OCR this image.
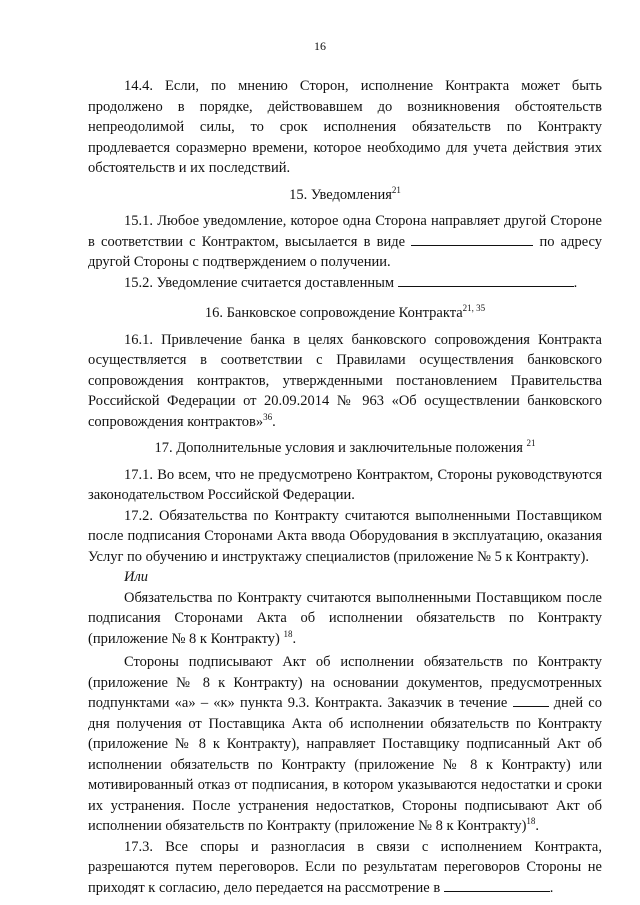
16

14.4. Если, по мнению Сторон, исполнение Контракта может быть продолжено в порядке, действовавшем до возникновения обстоятельств непреодолимой силы, то срок исполнения обязательств по Контракту продлевается соразмерно времени, которое необходимо для учета действия этих обстоятельств и их последствий.

15. Уведомления$^{21}$

15.1. Любое уведомление, которое одна Сторона направляет другой Стороне в соответствии с Контрактом, высылается в виде	по адресу другой Стороны с подтверждением о получении.

15.2. Уведомление считается доставленным	.

16. Банковское сопровождение Контракта$^{21, 35}$

16.1. Привлечение банка в целях банковского сопровождения Контракта осуществляется в соответствии с Правилами осуществления банковского сопровождения контрактов, утвержденными постановлением Правительства Российской Федерации от 20.09.2014 № 963 «Об осуществлении банковского сопровождения контрактов»$^{36}$.

17. Дополнительные условия и заключительные положения $^{21}$

17.1. Во всем, что не предусмотрено Контрактом, Стороны руководствуются законодательством Российской Федерации.

17.2. Обязательства по Контракту считаются выполненными Поставщиком после подписания Сторонами Акта ввода Оборудования в эксплуатацию, оказания Услуг по обучению и инструктажу специалистов (приложение № 5 к Контракту).

Или

Обязательства по Контракту считаются выполненными Поставщиком после подписания Сторонами Акта об исполнении обязательств по Контракту (приложение № 8 к Контракту) $^{18}$.

Стороны подписывают Акт об исполнении обязательств по Контракту (приложение № 8 к Контракту) на основании документов, предусмотренных подпунктами «а» – «к» пункта 9.3. Контракта. Заказчик в течение	дней со дня получения от Поставщика Акта об исполнении обязательств по Контракту (приложение № 8 к Контракту), направляет Поставщику подписанный Акт об исполнении обязательств по Контракту (приложение № 8 к Контракту) или мотивированный отказ от подписания, в котором указываются недостатки и сроки их устранения. После устранения недостатков, Стороны подписывают Акт об исполнении обязательств по Контракту (приложение № 8 к Контракту)$^{18}$.

17.3. Все споры и разногласия в связи с исполнением Контракта, разрешаются путем переговоров. Если по результатам переговоров Стороны не приходят к согласию, дело передается на рассмотрение в	.
